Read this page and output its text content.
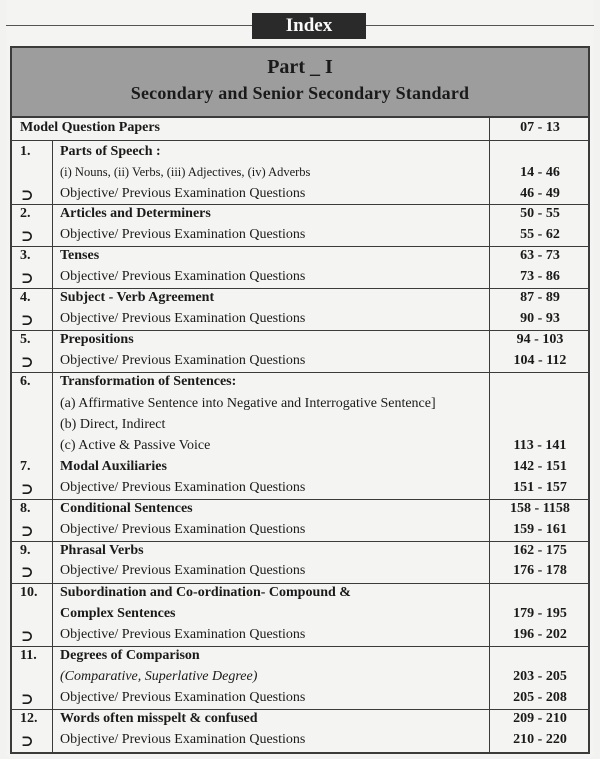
Index
Part _ I
Secondary and Senior Secondary Standard
Model Question Papers	07 - 13
1. Parts of Speech :
(i) Nouns, (ii) Verbs, (iii) Adjectives, (iv) Adverbs	14 - 46
⊃ Objective/ Previous Examination Questions	46 - 49
2. Articles and Determiners	50 - 55
⊃ Objective/ Previous Examination Questions	55 - 62
3. Tenses	63 - 73
⊃ Objective/ Previous Examination Questions	73 - 86
4. Subject - Verb Agreement	87 - 89
⊃ Objective/ Previous Examination Questions	90 - 93
5. Prepositions	94 - 103
⊃ Objective/ Previous Examination Questions	104 - 112
6. Transformation of Sentences:
(a) Affirmative Sentence into Negative and Interrogative Sentence]
(b) Direct, Indirect
(c) Active & Passive Voice	113 - 141
7. Modal Auxiliaries	142 - 151
⊃ Objective/ Previous Examination Questions	151 - 157
8. Conditional Sentences	158 - 1158
⊃ Objective/ Previous Examination Questions	159 - 161
9. Phrasal Verbs	162 - 175
⊃ Objective/ Previous Examination Questions	176 - 178
10. Subordination and Co-ordination- Compound &
Complex Sentences	179 - 195
⊃ Objective/ Previous Examination Questions	196 - 202
11. Degrees of Comparison
(Comparative, Superlative Degree)	203 - 205
⊃ Objective/ Previous Examination Questions	205 - 208
12. Words often misspelt & confused	209 - 210
⊃ Objective/ Previous Examination Questions	210 - 220
